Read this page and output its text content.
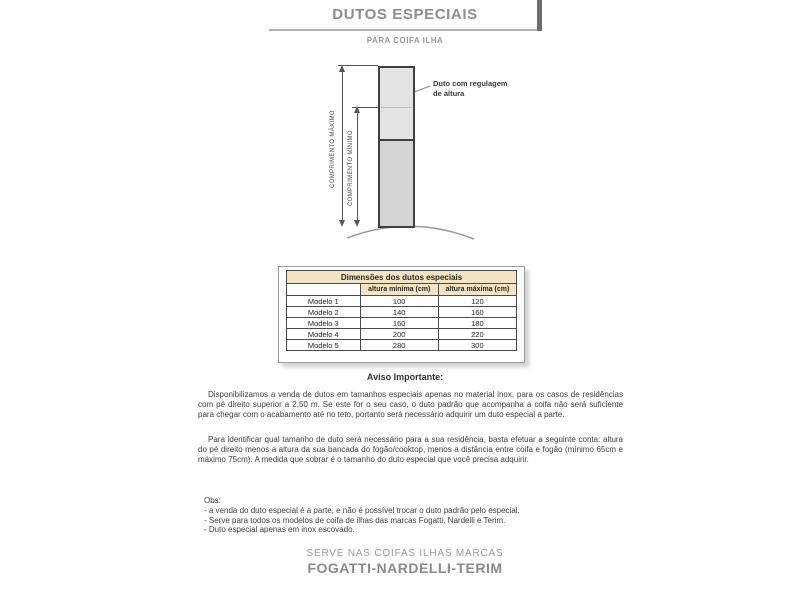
DUTOS ESPECIAIS
PARA COIFA ILHA
COMPRIMENTO MÁXIMO COMPRIMENTO MÍNIMO
Duto com regulagem
de altura
Dimensões dos dutos especiais		
	altura mínima (cm)	altura máxima (cm)
Modelo 1	100	120
Modelo 2	140	160
Modelo 3	160	180
Modelo 4	200	220
Modelo 5	280	300
Aviso Importante:

Disponibilizamos a venda de dutos em tamanhos especiais apenas no material inox, para os casos de residências com pé direito superior a 2,50 m. Se este for o seu caso, o duto padrão que acompanha a coifa não será suficiente para chegar com o acabamento até no teto, portanto será necessário adquirir um duto especial a parte.

Para identificar qual tamanho de duto será necessário para a sua residência, basta efetuar a seguinte conta: altura do pé direito menos a altura da sua bancada do fogão/cooktop, menos a distância entre coifa e fogão (mínimo 65cm e máximo 75cm). A medida que sobrar é o tamanho do duto especial que você precisa adquirir.

Obs:
- a venda do duto especial é a parte, e não é possível trocar o duto padrão pelo especial.
- Serve para todos os modelos de coifa de ilhas das marcas Fogatti, Nardelli e Terim.
- Duto especial apenas em inox escovado.
SERVE NAS COIFAS ILHAS MARCAS
FOGATTI-NARDELLI-TERIM
